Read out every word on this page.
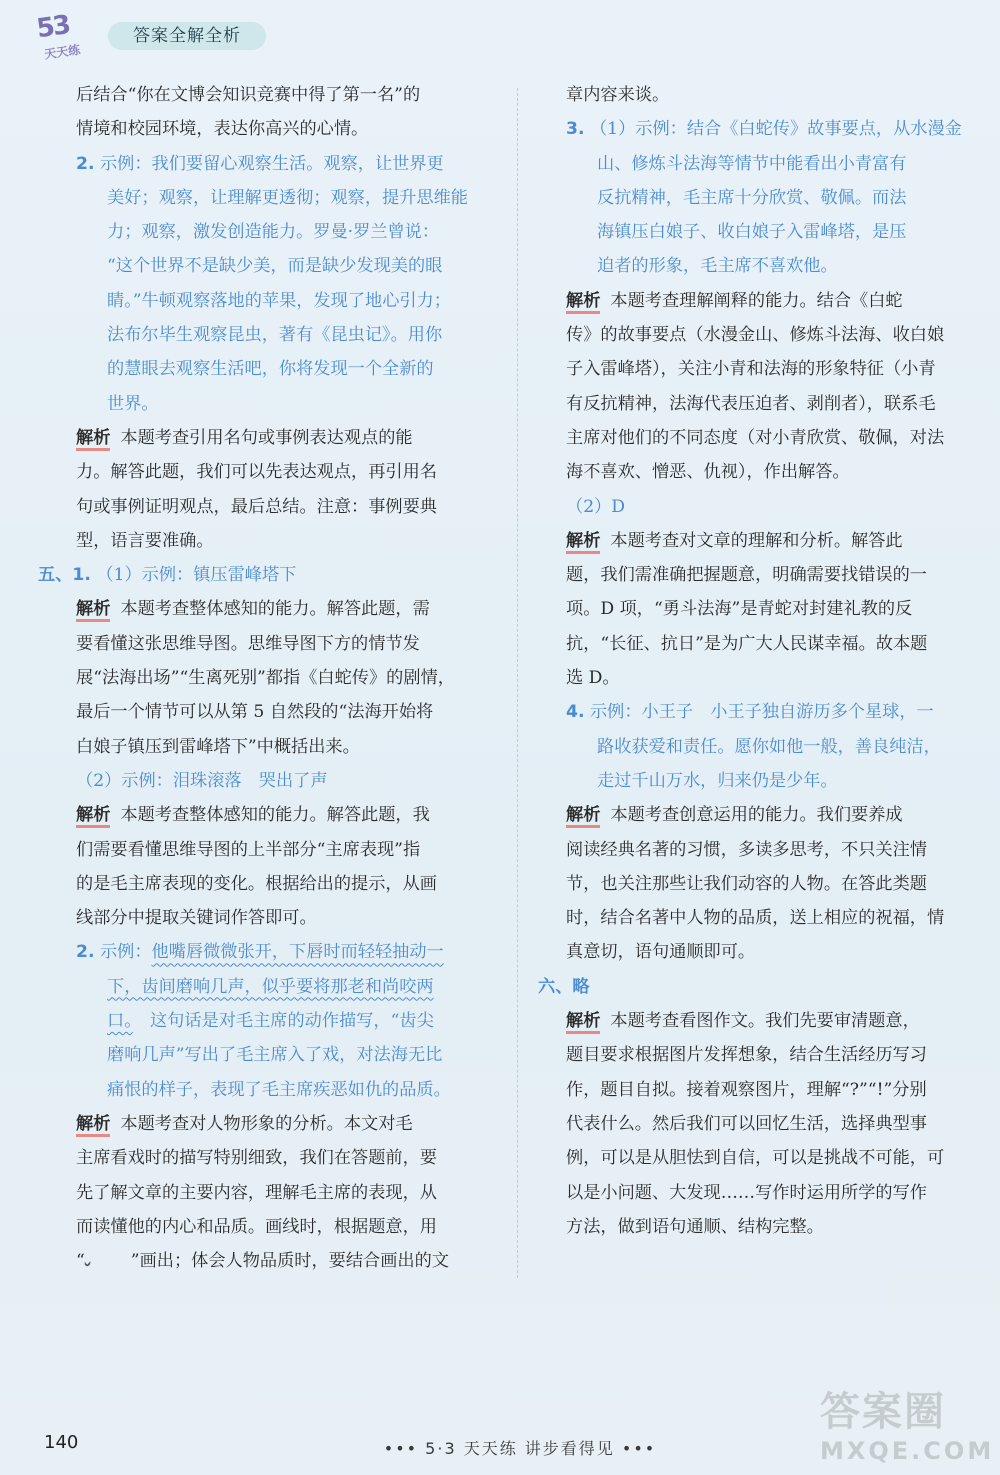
53
天天练
答案全解全析
后结合“你在文博会知识竞赛中得了第一名”的
情境和校园环境，表达你高兴的心情。
2. 示例：我们要留心观察生活。观察，让世界更
美好；观察，让理解更透彻；观察，提升思维能
力；观察，激发创造能力。罗曼·罗兰曾说：
“这个世界不是缺少美，而是缺少发现美的眼
睛。”牛顿观察落地的苹果，发现了地心引力；
法布尔毕生观察昆虫，著有《昆虫记》。用你
的慧眼去观察生活吧，你将发现一个全新的
世界。
解析 本题考查引用名句或事例表达观点的能
力。解答此题，我们可以先表达观点，再引用名
句或事例证明观点，最后总结。注意：事例要典
型，语言要准确。
五、1. （1）示例：镇压雷峰塔下
解析 本题考查整体感知的能力。解答此题，需
要看懂这张思维导图。思维导图下方的情节发
展“法海出场”“生离死别”都指《白蛇传》的剧情，
最后一个情节可以从第 5 自然段的“法海开始将
白娘子镇压到雷峰塔下”中概括出来。
（2）示例：泪珠滚落　哭出了声
解析 本题考查整体感知的能力。解答此题，我
们需要看懂思维导图的上半部分“主席表现”指
的是毛主席表现的变化。根据给出的提示，从画
线部分中提取关键词作答即可。
2. 示例：他嘴唇微微张开，下唇时而轻轻抽动一
下，齿间磨响几声，似乎要将那老和尚咬两
口。　这句话是对毛主席的动作描写，“齿尖
磨响几声”写出了毛主席入了戏，对法海无比
痛恨的样子，表现了毛主席疾恶如仇的品质。
解析 本题考查对人物形象的分析。本文对毛
主席看戏时的描写特别细致，我们在答题前，要
先了解文章的主要内容，理解毛主席的表现，从
而读懂他的内心和品质。画线时，根据题意，用
“	”画出；体会人物品质时，要结合画出的文
章内容来谈。
3. （1）示例：结合《白蛇传》故事要点，从水漫金
山、修炼斗法海等情节中能看出小青富有
反抗精神，毛主席十分欣赏、敬佩。而法
海镇压白娘子、收白娘子入雷峰塔，是压
迫者的形象，毛主席不喜欢他。
解析 本题考查理解阐释的能力。结合《白蛇
传》的故事要点（水漫金山、修炼斗法海、收白娘
子入雷峰塔），关注小青和法海的形象特征（小青
有反抗精神，法海代表压迫者、剥削者），联系毛
主席对他们的不同态度（对小青欣赏、敬佩，对法
海不喜欢、憎恶、仇视），作出解答。
（2）D
解析 本题考查对文章的理解和分析。解答此
题，我们需准确把握题意，明确需要找错误的一
项。D 项，“勇斗法海”是青蛇对封建礼教的反
抗，“长征、抗日”是为广大人民谋幸福。故本题
选 D。
4. 示例：小王子　小王子独自游历多个星球，一
路收获爱和责任。愿你如他一般，善良纯洁，
走过千山万水，归来仍是少年。
解析 本题考查创意运用的能力。我们要养成
阅读经典名著的习惯，多读多思考，不只关注情
节，也关注那些让我们动容的人物。在答此类题
时，结合名著中人物的品质，送上相应的祝福，情
真意切，语句通顺即可。
六、略
解析 本题考查看图作文。我们先要审清题意，
题目要求根据图片发挥想象，结合生活经历写习
作，题目自拟。接着观察图片，理解“?”“!”分别
代表什么。然后我们可以回忆生活，选择典型事
例，可以是从胆怯到自信，可以是挑战不可能，可
以是小问题、大发现……写作时运用所学的写作
方法，做到语句通顺、结构完整。
140	••• 5·3 天天练 讲步看得见 •••
答案圈
MXQE.COM
